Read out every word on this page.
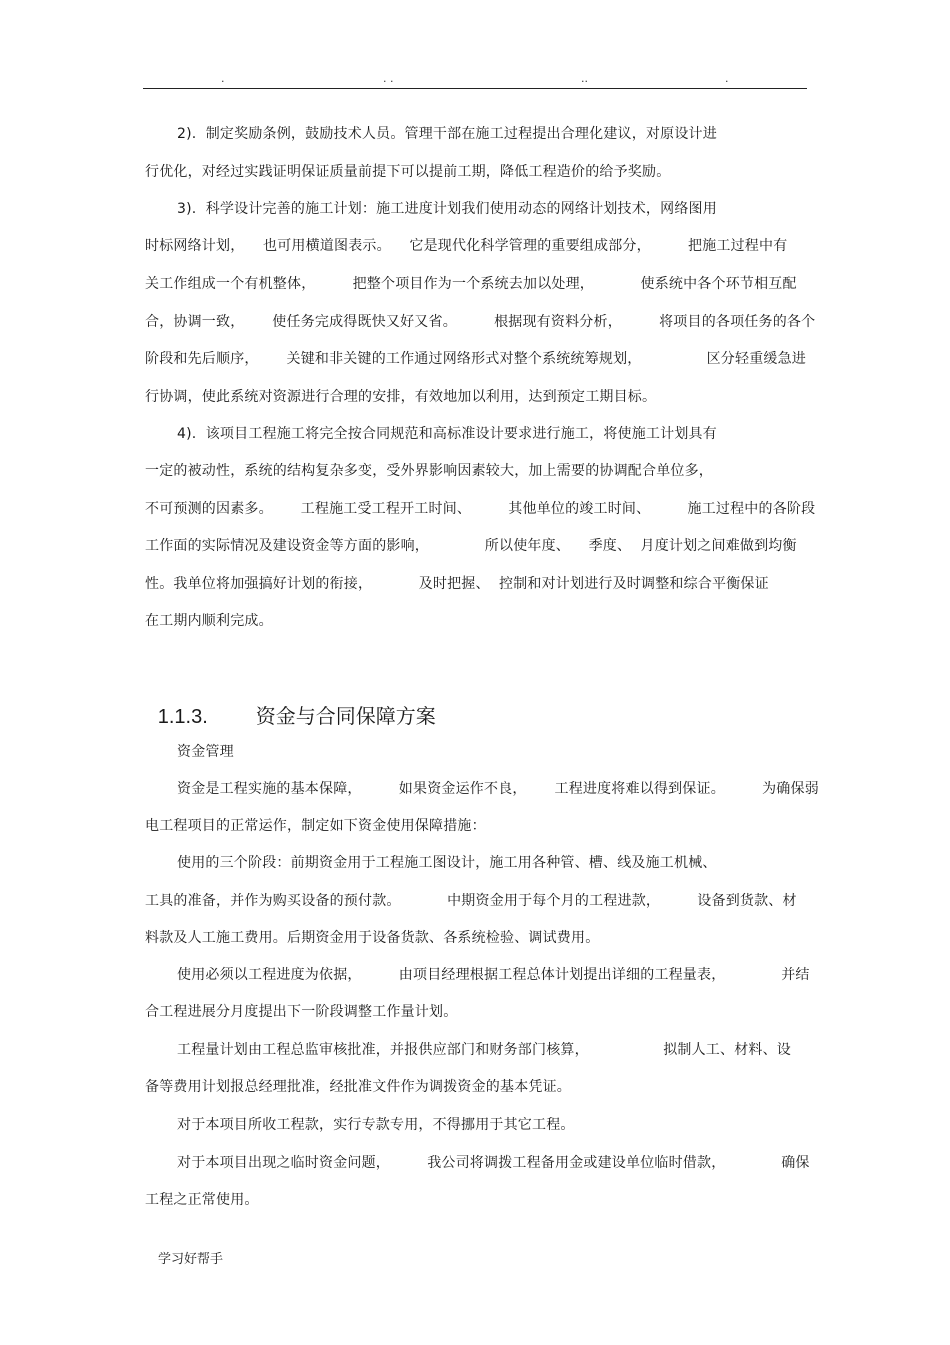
.	. .	..	.
2).  制定奖励条例，鼓励技术人员。管理干部在施工过程提出合理化建议，对原设计进
行优化，对经过实践证明保证质量前提下可以提前工期，降低工程造价的给予奖励。
3).  科学设计完善的施工计划：施工进度计划我们使用动态的网络计划技术，网络图用
时标网络计划，    也可用横道图表示。    它是现代化科学管理的重要组成部分，        把施工过程中有
关工作组成一个有机整体，        把整个项目作为一个系统去加以处理，          使系统中各个环节相互配
合，协调一致，      使任务完成得既快又好又省。        根据现有资料分析，        将项目的各项任务的各个
阶段和先后顺序，      关键和非关键的工作通过网络形式对整个系统统筹规划，              区分轻重缓急进
行协调，使此系统对资源进行合理的安排，有效地加以利用，达到预定工期目标。
4).  该项目工程施工将完全按合同规范和高标准设计要求进行施工，将使施工计划具有
一定的被动性，系统的结构复杂多变，受外界影响因素较大，加上需要的协调配合单位多，
不可预测的因素多。      工程施工受工程开工时间、        其他单位的竣工时间、        施工过程中的各阶段
工作面的实际情况及建设资金等方面的影响，            所以使年度、    季度、  月度计划之间难做到均衡
性。我单位将加强搞好计划的衔接，          及时把握、  控制和对计划进行及时调整和综合平衡保证
在工期内顺利完成。

1.1.3. 资金与合同保障方案

资金管理
资金是工程实施的基本保障，        如果资金运作不良，      工程进度将难以得到保证。        为确保弱
电工程项目的正常运作，制定如下资金使用保障措施：
使用的三个阶段：前期资金用于工程施工图设计，施工用各种管、槽、线及施工机械、
工具的准备，并作为购买设备的预付款。          中期资金用于每个月的工程进款，        设备到货款、材
料款及人工施工费用。后期资金用于设备货款、各系统检验、调试费用。
使用必须以工程进度为依据，        由项目经理根据工程总体计划提出详细的工程量表，            并结
合工程进展分月度提出下一阶段调整工作量计划。
工程量计划由工程总监审核批准，并报供应部门和财务部门核算，                拟制人工、材料、设
备等费用计划报总经理批准，经批准文件作为调拨资金的基本凭证。
对于本项目所收工程款，实行专款专用，不得挪用于其它工程。
对于本项目出现之临时资金问题，        我公司将调拨工程备用金或建设单位临时借款，            确保
工程之正常使用。
学习好帮手
